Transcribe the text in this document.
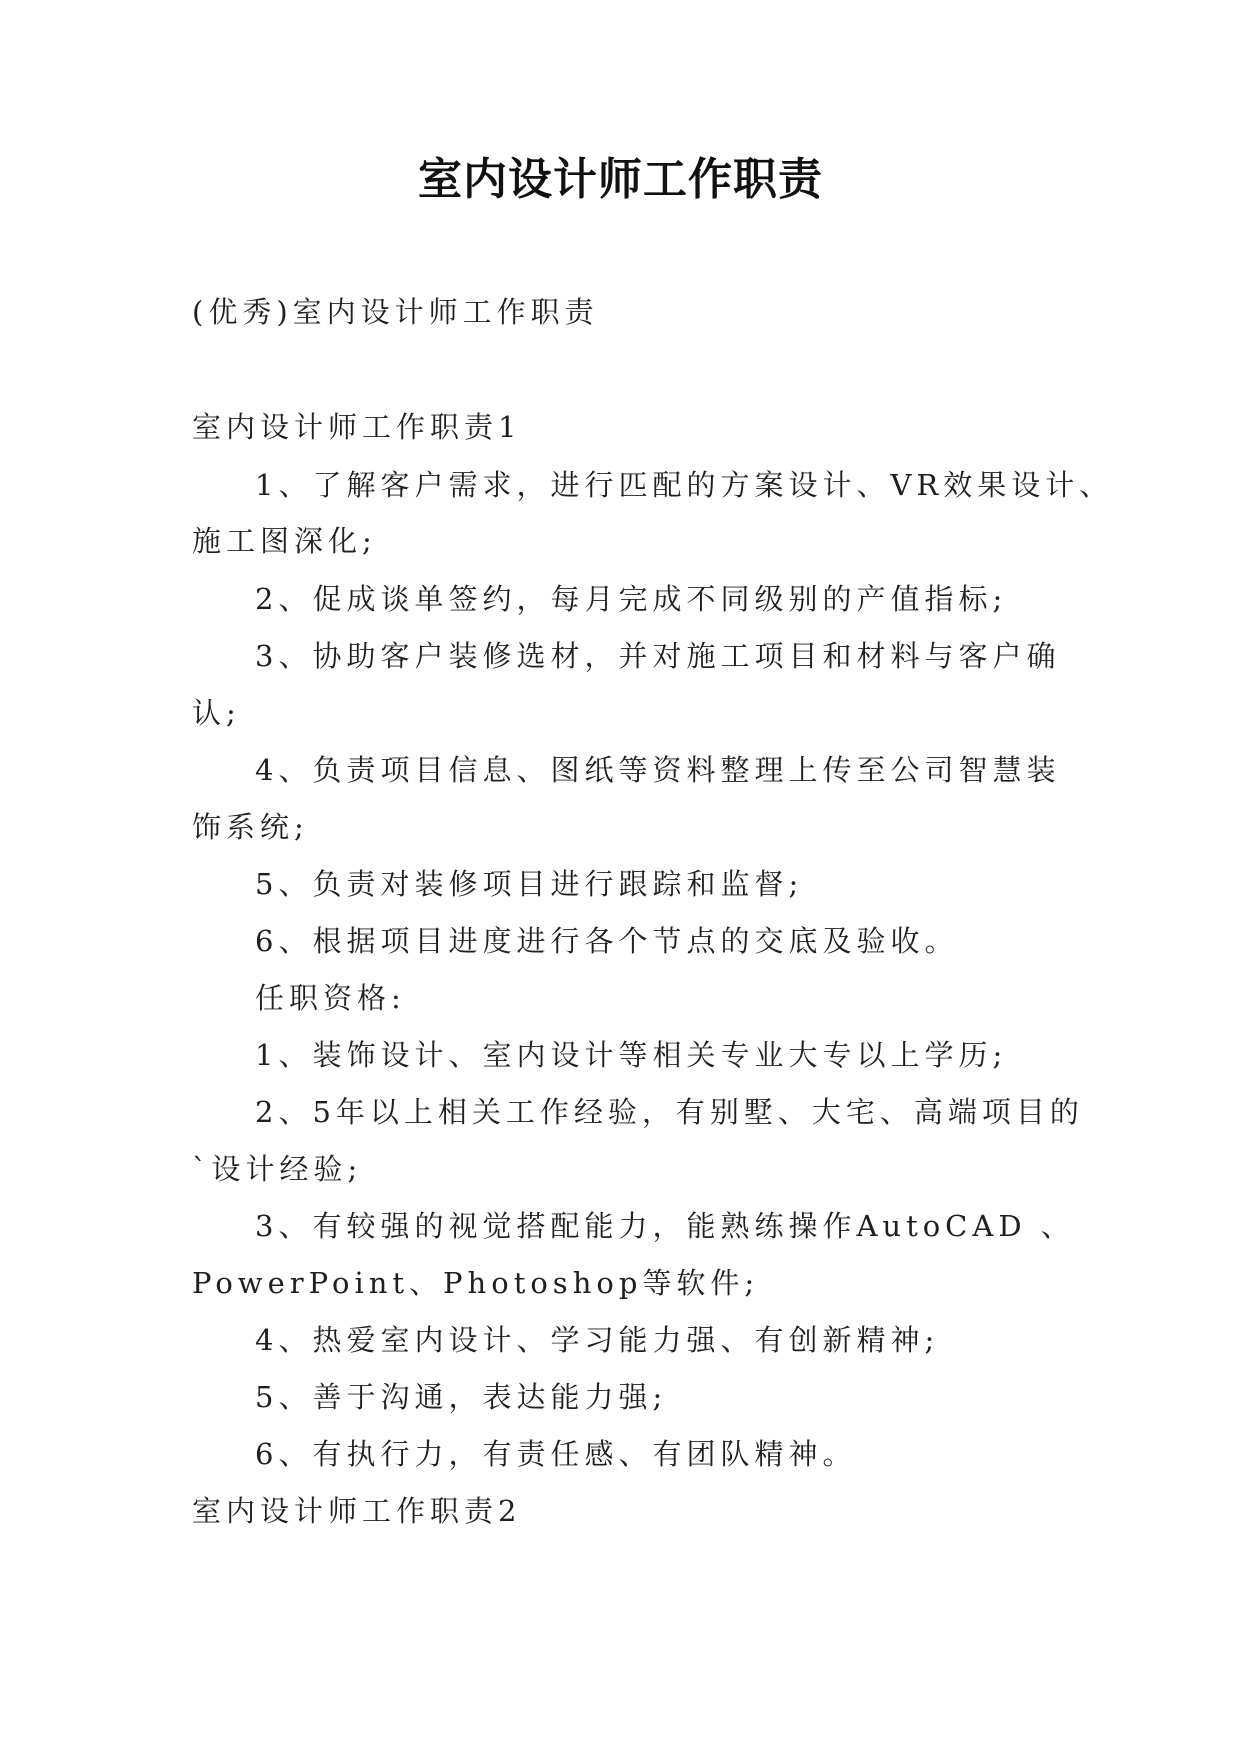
室内设计师工作职责
(优秀)室内设计师工作职责
室内设计师工作职责1
1、了解客户需求，进行匹配的方案设计、VR效果设计、
施工图深化;
2、促成谈单签约，每月完成不同级别的产值指标;
3、协助客户装修选材，并对施工项目和材料与客户确
认;
4、负责项目信息、图纸等资料整理上传至公司智慧装
饰系统;
5、负责对装修项目进行跟踪和监督;
6、根据项目进度进行各个节点的交底及验收。
任职资格:
1、装饰设计、室内设计等相关专业大专以上学历;
2、5年以上相关工作经验，有别墅、大宅、高端项目的
`设计经验;
3、有较强的视觉搭配能力，能熟练操作AutoCAD 、
PowerPoint、Photoshop等软件;
4、热爱室内设计、学习能力强、有创新精神;
5、善于沟通，表达能力强;
6、有执行力，有责任感、有团队精神。
室内设计师工作职责2
